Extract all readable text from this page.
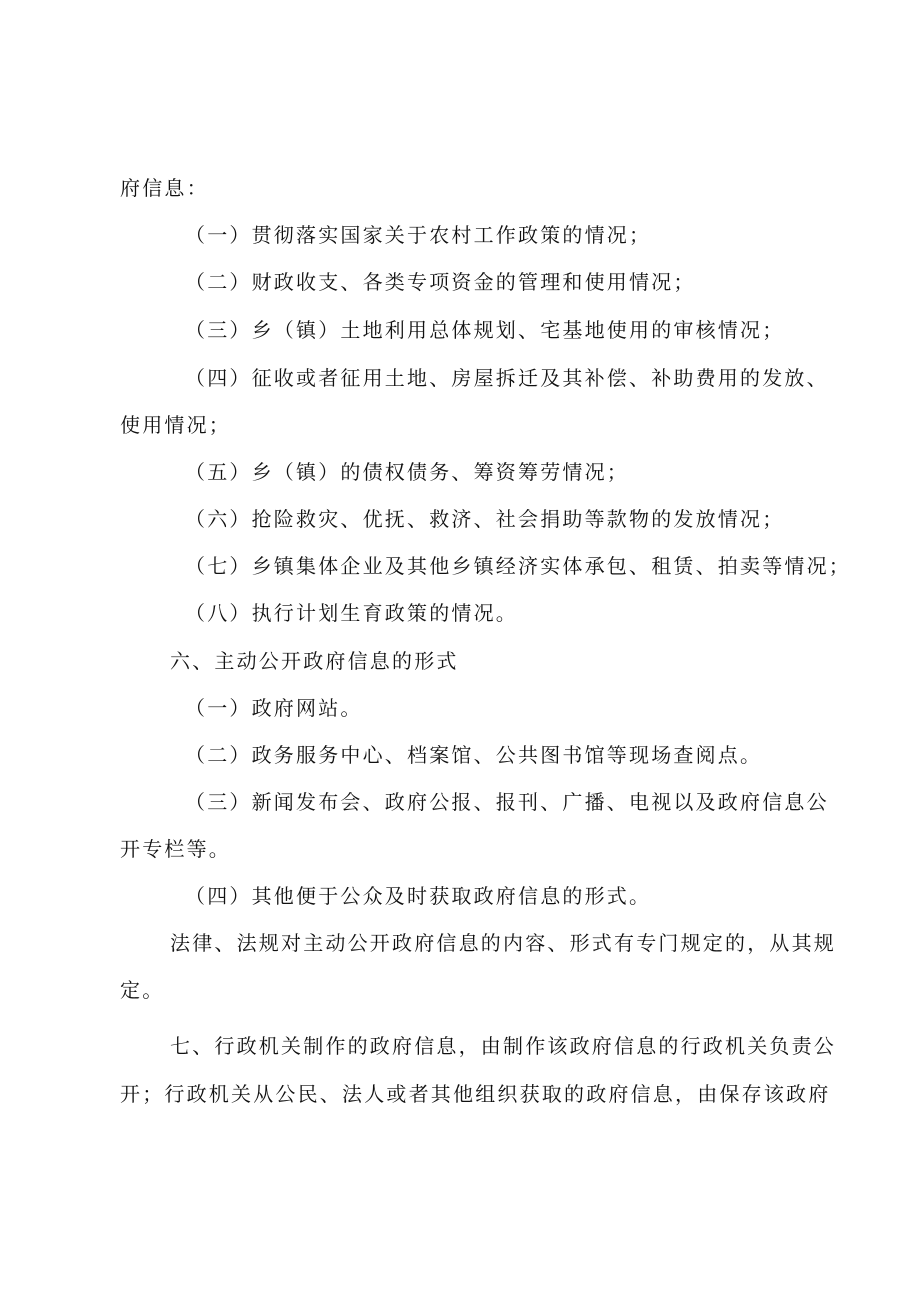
府信息：
（一）贯彻落实国家关于农村工作政策的情况；
（二）财政收支、各类专项资金的管理和使用情况；
（三）乡（镇）土地利用总体规划、宅基地使用的审核情况；
（四）征收或者征用土地、房屋拆迁及其补偿、补助费用的发放、
使用情况；
（五）乡（镇）的债权债务、筹资筹劳情况；
（六）抢险救灾、优抚、救济、社会捐助等款物的发放情况；
（七）乡镇集体企业及其他乡镇经济实体承包、租赁、拍卖等情况；
（八）执行计划生育政策的情况。
六、主动公开政府信息的形式
（一）政府网站。
（二）政务服务中心、档案馆、公共图书馆等现场查阅点。
（三）新闻发布会、政府公报、报刊、广播、电视以及政府信息公
开专栏等。
（四）其他便于公众及时获取政府信息的形式。
法律、法规对主动公开政府信息的内容、形式有专门规定的，从其规
定。
七、行政机关制作的政府信息，由制作该政府信息的行政机关负责公
开；行政机关从公民、法人或者其他组织获取的政府信息，由保存该政府
